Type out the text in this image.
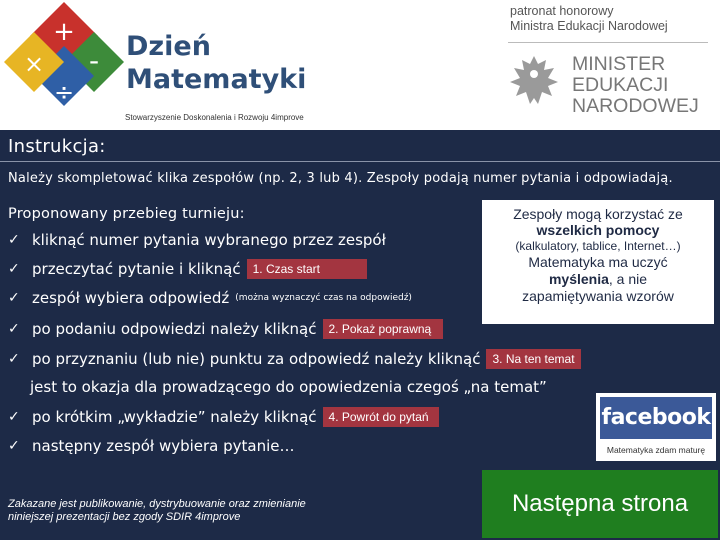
+
-
÷
×
Dzień
Matematyki
Stowarzyszenie Doskonalenia i Rozwoju 4improve
patronat honorowy
Ministra Edukacji Narodowej
MINISTER
EDUKACJI
NARODOWEJ
Instrukcja:
Należy skompletować klika zespołów (np. 2, 3 lub 4). Zespoły podają numer pytania i odpowiadają.
Proponowany przebieg turnieju:
✓ kliknąć numer pytania wybranego przez zespół
✓ przeczytać pytanie i kliknąć	1. Czas start
✓ zespół wybiera odpowiedź (można wyznaczyć czas na odpowiedź)
✓ po podaniu odpowiedzi należy kliknąć	2. Pokaż poprawną
✓ po przyznaniu (lub nie) punktu za odpowiedź należy kliknąć	3. Na ten temat
jest to okazja dla prowadzącego do opowiedzenia czegoś „na temat”
✓ po krótkim „wykładzie” należy kliknąć	4. Powrót do pytań
✓ następny zespół wybiera pytanie…
Zespoły mogą korzystać ze
wszelkich pomocy
(kalkulatory, tablice, Internet…)
Matematyka ma uczyć
myślenia, a nie
zapamiętywania wzorów
facebook
Matematyka zdam maturę
Zakazane jest publikowanie, dystrybuowanie oraz zmienianie
niniejszej prezentacji bez zgody SDIR 4improve	Następna strona
